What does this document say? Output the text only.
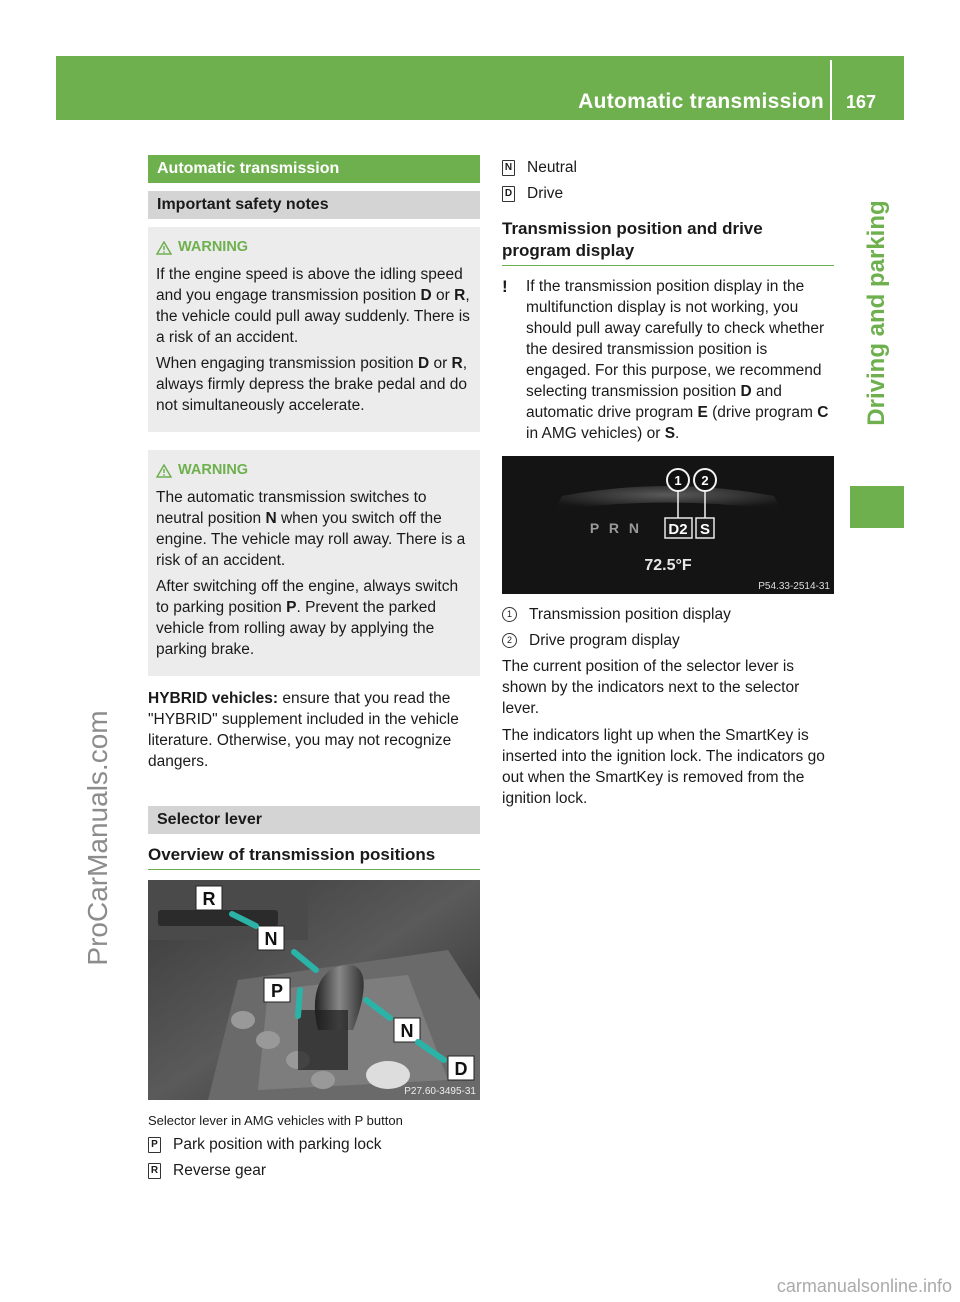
Automatic transmission 167
Driving and parking
ProCarManuals.com
carmanualsonline.info
Automatic transmission
Important safety notes
WARNING

If the engine speed is above the idling speed and you engage transmission position D or R, the vehicle could pull away suddenly. There is a risk of an accident.

When engaging transmission position D or R, always firmly depress the brake pedal and do not simultaneously accelerate.

WARNING

The automatic transmission switches to neutral position N when you switch off the engine. The vehicle may roll away. There is a risk of an accident.

After switching off the engine, always switch to parking position P. Prevent the parked vehicle from rolling away by applying the parking brake.

HYBRID vehicles: ensure that you read the "HYBRID" supplement included in the vehicle literature. Otherwise, you may not recognize dangers.

Selector lever
Overview of transmission positions
R
N
P
N
D
P27.60-3495-31

Selector lever in AMG vehicles with P button

P Park position with parking lock
R Reverse gear
N Neutral
D Drive
Transmission position and drive program display
!	If the transmission position display in the multifunction display is not working, you should pull away carefully to check whether the desired transmission position is engaged. For this purpose, we recommend selecting transmission position D and automatic drive program E (drive program C in AMG vehicles) or S.

1 2
P R N D2 S
72.5°F
P54.33-2514-31
1	Transmission position display
2	Drive program display

The current position of the selector lever is shown by the indicators next to the selector lever.

The indicators light up when the SmartKey is inserted into the ignition lock. The indicators go out when the SmartKey is removed from the ignition lock.
